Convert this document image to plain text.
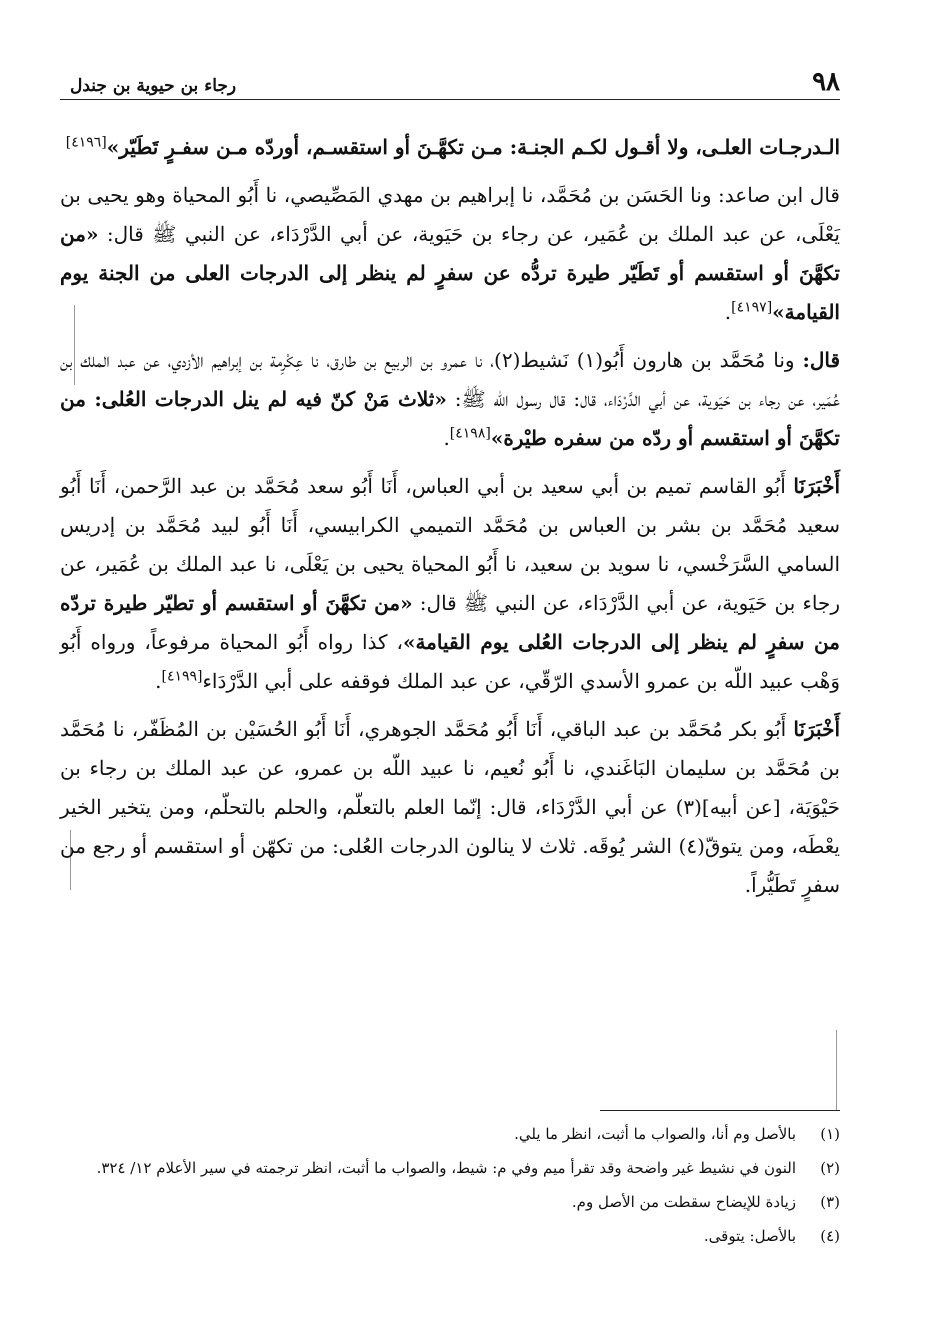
٩٨
رجاء بن حيوية بن جندل

الـدرجـات العلـى، ولا أقـول لكـم الجنـة: مـن تكهَّـنَ أو استقسـم، أوردّه مـن سفـرٍ تَطَيّر»[٤١٩٦]

قال ابن صاعد: ونا الحَسَن بن مُحَمَّد، نا إبراهيم بن مهدي المَصِّيصي، نا أَبُو المحياة وهو يحيى بن يَعْلَى، عن عبد الملك بن عُمَير، عن رجاء بن حَيَوية، عن أبي الدَّرْدَاء، عن النبي ﷺ قال: «من تكهَّنَ أو استقسم أو تَطَيّر طيرة تردُّه عن سفرٍ لم ينظر إلى الدرجات العلى من الجنة يوم القيامة»[٤١٩٧].

قال: ونا مُحَمَّد بن هارون أَبُو(١) نَشيط(٢)، نا عمرو بن الربيع بن طارق، نا عِكْرِمة بن إبراهيم الأزدي، عن عبد الملك بن عُمَير، عن رجاء بن حَيَوية، عن أبي الدَّرْدَاء، قال: قال رسول الله ﷺ: «ثلاث مَنْ كنّ فيه لم ينل الدرجات العُلى: من تكهَّنَ أو استقسم أو ردّه من سفره طيْرة»[٤١٩٨].

أَخْبَرَنَا أَبُو القاسم تميم بن أبي سعيد بن أبي العباس، أَنَا أَبُو سعد مُحَمَّد بن عبد الرَّحمن، أَنَا أَبُو سعيد مُحَمَّد بن بشر بن العباس بن مُحَمَّد التميمي الكرابيسي، أَنَا أَبُو لبيد مُحَمَّد بن إدريس السامي السَّرَخْسي، نا سويد بن سعيد، نا أَبُو المحياة يحيى بن يَعْلَى، نا عبد الملك بن عُمَير، عن رجاء بن حَيَوية، عن أبي الدَّرْدَاء، عن النبي ﷺ قال: «من تكهَّنَ أو استقسم أو تطيّر طيرة تردّه من سفرٍ لم ينظر إلى الدرجات العُلى يوم القيامة»، كذا رواه أَبُو المحياة مرفوعاً، ورواه أَبُو وَهْب عبيد اللّه بن عمرو الأسدي الرّقّي، عن عبد الملك فوقفه على أبي الدَّرْدَاء[٤١٩٩].

أَخْبَرَنَا أَبُو بكر مُحَمَّد بن عبد الباقي، أَنَا أَبُو مُحَمَّد الجوهري، أَنَا أَبُو الحُسَيْن بن المُظَفّر، نا مُحَمَّد بن مُحَمَّد بن سليمان البَاغَندي، نا أَبُو نُعيم، نا عبيد اللّه بن عمرو، عن عبد الملك بن رجاء بن حَيْوَيَة، [عن أبيه](٣) عن أبي الدَّرْدَاء، قال: إنّما العلم بالتعلّم، والحلم بالتحلّم، ومن يتخير الخير يعْطَه، ومن يتوقّ(٤) الشر يُوقَه. ثلاث لا ينالون الدرجات العُلى: من تكهّن أو استقسم أو رجع من سفرٍ تَطَيُّراً.

(١)
بالأصل وم أنا، والصواب ما أثبت، انظر ما يلي.
(٢)
النون في نشيط غير واضحة وقد تقرأ ميم وفي م: شيط، والصواب ما أثبت، انظر ترجمته في سير الأعلام ١٢/ ٣٢٤.
(٣)
زيادة للإيضاح سقطت من الأصل وم.
(٤)
بالأصل: يتوقى.
